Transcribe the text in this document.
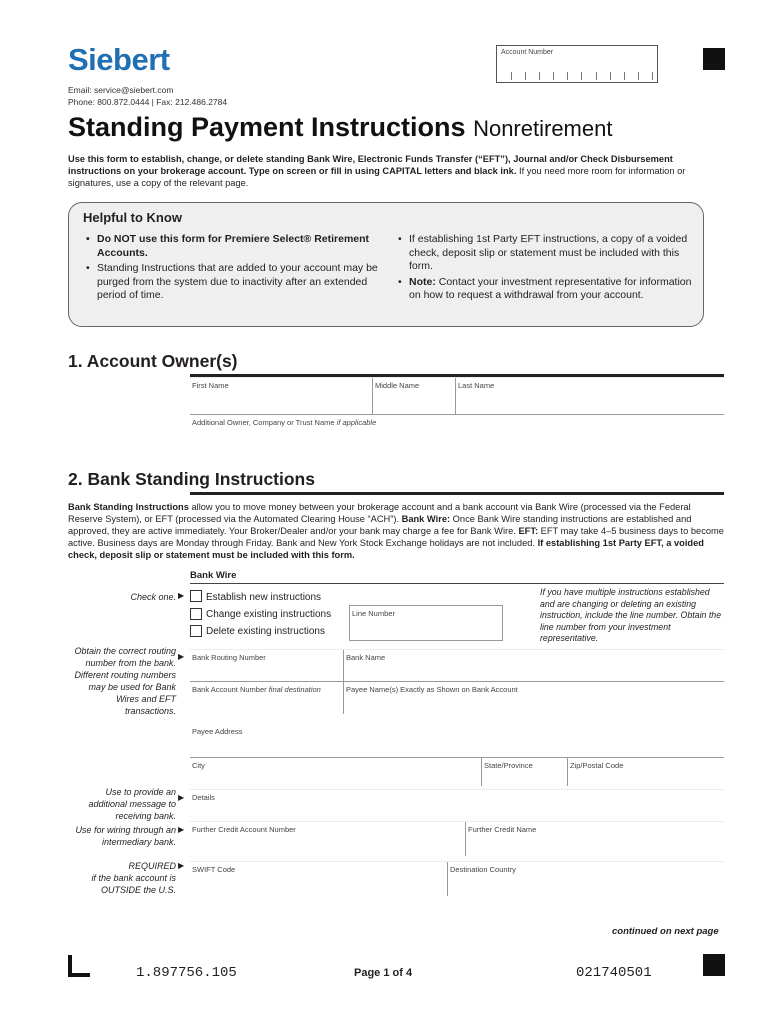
Siebert
Email: service@siebert.com
Phone: 800.872.0444 | Fax: 212.486.2784
Account Number
Standing Payment Instructions Nonretirement
Use this form to establish, change, or delete standing Bank Wire, Electronic Funds Transfer (“EFT”), Journal and/or Check Disbursement instructions on your brokerage account. Type on screen or fill in using CAPITAL letters and black ink. If you need more room for information or signatures, use a copy of the relevant page.
Helpful to Know
• Do NOT use this form for Premiere Select® Retirement Accounts.
• Standing Instructions that are added to your account may be purged from the system due to inactivity after an extended period of time.
• If establishing 1st Party EFT instructions, a copy of a voided check, deposit slip or statement must be included with this form.
• Note: Contact your investment representative for information on how to request a withdrawal from your account.
1. Account Owner(s)
First Name	Middle Name	Last Name
Additional Owner, Company or Trust Name if applicable
2. Bank Standing Instructions
Bank Standing Instructions allow you to move money between your brokerage account and a bank account via Bank Wire (processed via the Federal Reserve System), or EFT (processed via the Automated Clearing House “ACH”). Bank Wire: Once Bank Wire standing instructions are established and approved, they are active immediately. Your Broker/Dealer and/or your bank may charge a fee for Bank Wire. EFT: EFT may take 4–5 business days to become active. Business days are Monday through Friday. Bank and New York Stock Exchange holidays are not included. If establishing 1st Party EFT, a voided check, deposit slip or statement must be included with this form.
Bank Wire
Check one. ▶ Establish new instructions
Change existing instructions
Delete existing instructions
Line Number
If you have multiple instructions established and are changing or deleting an existing instruction, include the line number. Obtain the line number from your investment representative.
Obtain the correct routing number from the bank. Different routing numbers may be used for Bank Wires and EFT transactions.
▶ Bank Routing Number	Bank Name
Bank Account Number final destination	Payee Name(s) Exactly as Shown on Bank Account
Payee Address
City	State/Province	Zip/Postal Code
Use to provide an additional message to receiving bank.
▶ Details
Use for wiring through an intermediary bank.
▶ Further Credit Account Number	Further Credit Name
REQUIRED
if the bank account is OUTSIDE the U.S.
▶ SWIFT Code	Destination Country
continued on next page
1.897756.105	Page 1 of 4	021740501
